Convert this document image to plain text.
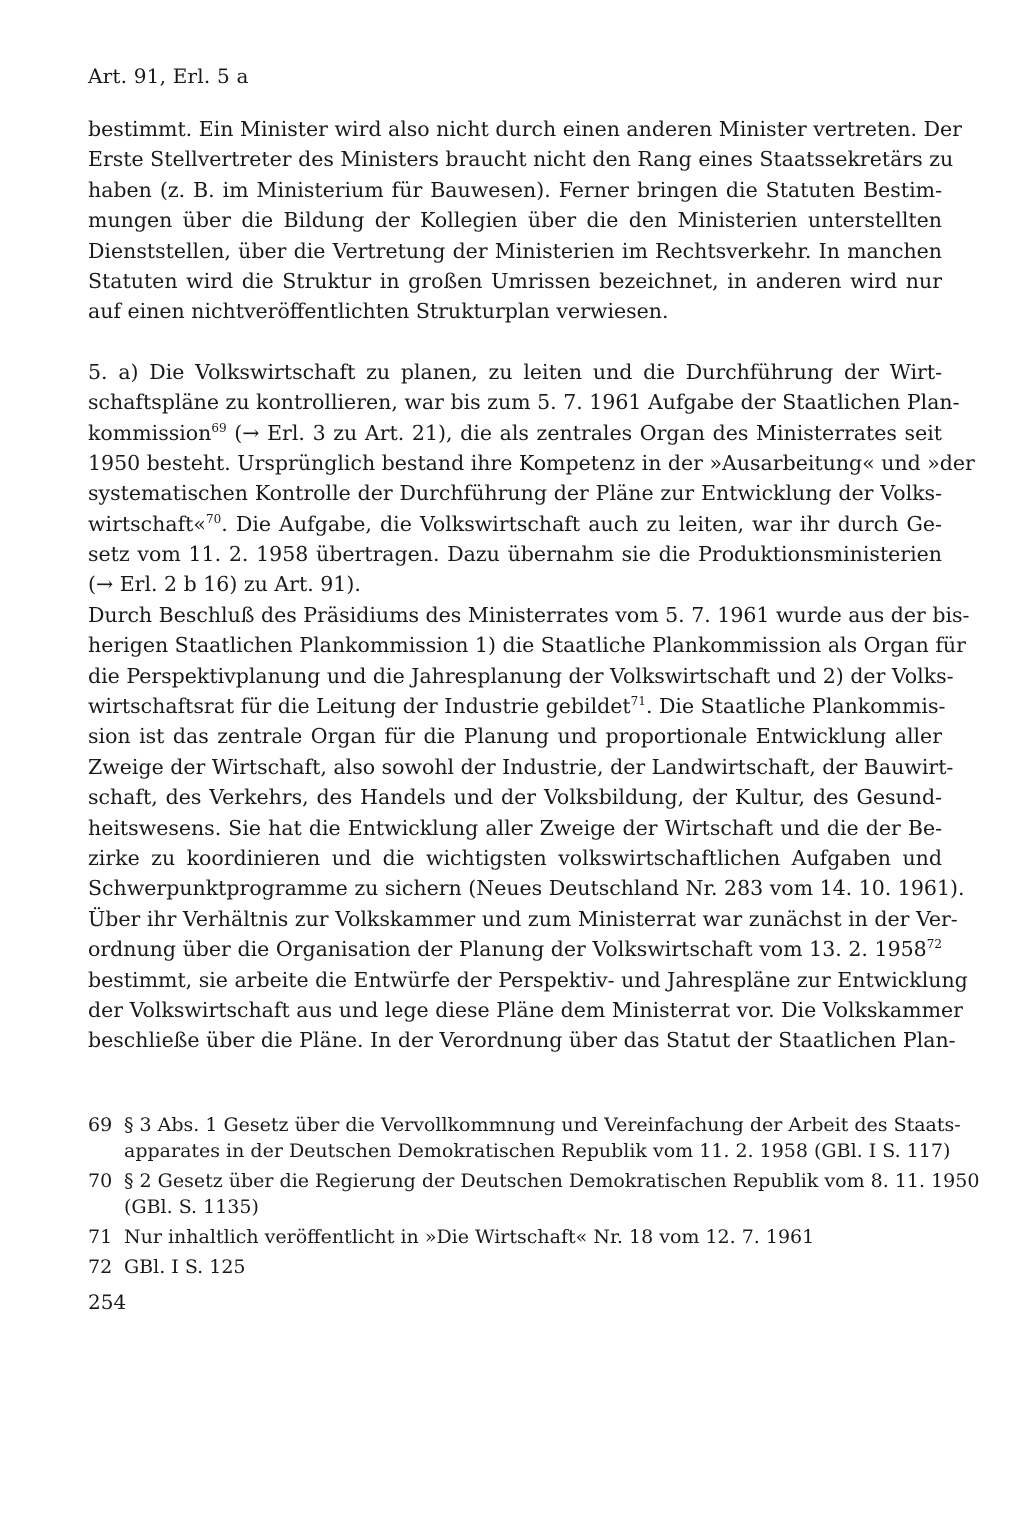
Art. 91, Erl. 5 a
bestimmt. Ein Minister wird also nicht durch einen anderen Minister vertreten. Der
Erste Stellvertreter des Ministers braucht nicht den Rang eines Staatssekretärs zu
haben (z. B. im Ministerium für Bauwesen). Ferner bringen die Statuten Bestim-
mungen über die Bildung der Kollegien über die den Ministerien unterstellten
Dienststellen, über die Vertretung der Ministerien im Rechtsverkehr. In manchen
Statuten wird die Struktur in großen Umrissen bezeichnet, in anderen wird nur
auf einen nichtveröffentlichten Strukturplan verwiesen.
5. a) Die Volkswirtschaft zu planen, zu leiten und die Durchführung der Wirt-
schaftspläne zu kontrollieren, war bis zum 5. 7. 1961 Aufgabe der Staatlichen Plan-
kommission$^{69}$ (→ Erl. 3 zu Art. 21), die als zentrales Organ des Ministerrates seit
1950 besteht. Ursprünglich bestand ihre Kompetenz in der »Ausarbeitung« und »der
systematischen Kontrolle der Durchführung der Pläne zur Entwicklung der Volks-
wirtschaft«$^{70}$. Die Aufgabe, die Volkswirtschaft auch zu leiten, war ihr durch Ge-
setz vom 11. 2. 1958 übertragen. Dazu übernahm sie die Produktionsministerien
(→ Erl. 2 b 16) zu Art. 91).
Durch Beschluß des Präsidiums des Ministerrates vom 5. 7. 1961 wurde aus der bis-
herigen Staatlichen Plankommission 1) die Staatliche Plankommission als Organ für
die Perspektivplanung und die Jahresplanung der Volkswirtschaft und 2) der Volks-
wirtschaftsrat für die Leitung der Industrie gebildet$^{71}$. Die Staatliche Plankommis-
sion ist das zentrale Organ für die Planung und proportionale Entwicklung aller
Zweige der Wirtschaft, also sowohl der Industrie, der Landwirtschaft, der Bauwirt-
schaft, des Verkehrs, des Handels und der Volksbildung, der Kultur, des Gesund-
heitswesens. Sie hat die Entwicklung aller Zweige der Wirtschaft und die der Be-
zirke zu koordinieren und die wichtigsten volkswirtschaftlichen Aufgaben und
Schwerpunktprogramme zu sichern (Neues Deutschland Nr. 283 vom 14. 10. 1961).
Über ihr Verhältnis zur Volkskammer und zum Ministerrat war zunächst in der Ver-
ordnung über die Organisation der Planung der Volkswirtschaft vom 13. 2. 1958$^{72}$
bestimmt, sie arbeite die Entwürfe der Perspektiv- und Jahrespläne zur Entwicklung
der Volkswirtschaft aus und lege diese Pläne dem Ministerrat vor. Die Volkskammer
beschließe über die Pläne. In der Verordnung über das Statut der Staatlichen Plan-
69 § 3 Abs. 1 Gesetz über die Vervollkommnung und Vereinfachung der Arbeit des Staats-
apparates in der Deutschen Demokratischen Republik vom 11. 2. 1958 (GBl. I S. 117)
70 § 2 Gesetz über die Regierung der Deutschen Demokratischen Republik vom 8. 11. 1950
(GBl. S. 1135)
71 Nur inhaltlich veröffentlicht in »Die Wirtschaft« Nr. 18 vom 12. 7. 1961
72 GBl. I S. 125
254
